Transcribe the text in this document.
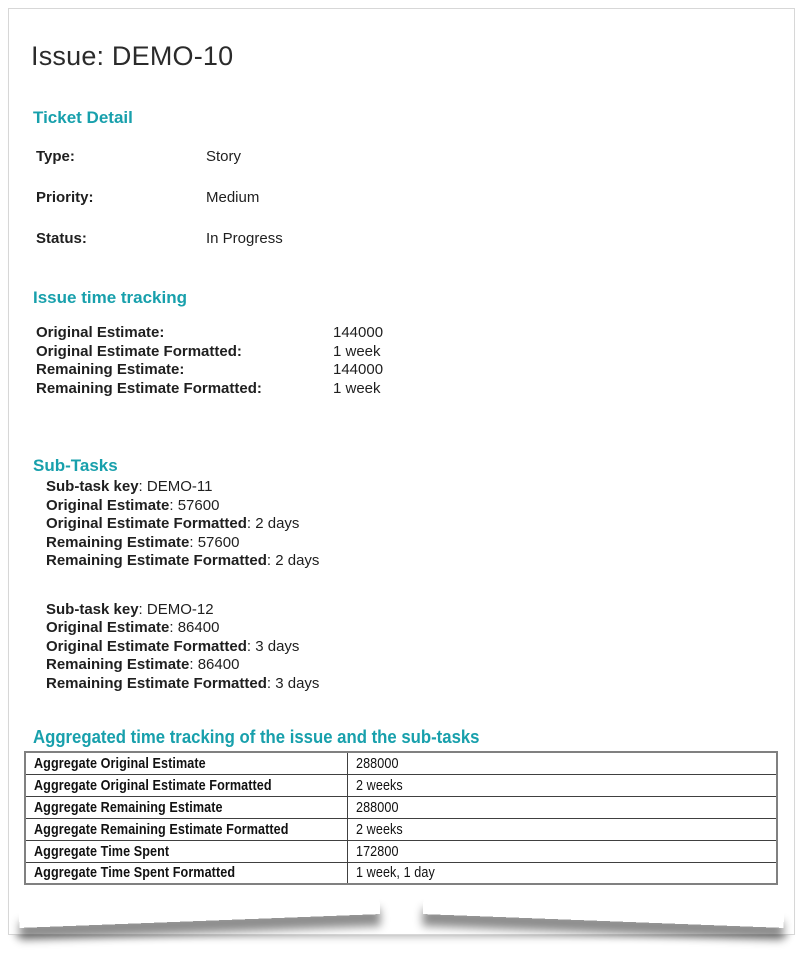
Issue: DEMO-10
Ticket Detail
Type:	Story
Priority:	Medium
Status:	In Progress
Issue time tracking
Original Estimate:	144000
Original Estimate Formatted:	1 week
Remaining Estimate:	144000
Remaining Estimate Formatted:	1 week
Sub-Tasks
Sub-task key: DEMO-11
Original Estimate: 57600
Original Estimate Formatted: 2 days
Remaining Estimate: 57600
Remaining Estimate Formatted: 2 days
Sub-task key: DEMO-12
Original Estimate: 86400
Original Estimate Formatted: 3 days
Remaining Estimate: 86400
Remaining Estimate Formatted: 3 days
Aggregated time tracking of the issue and the sub-tasks
Aggregate Original Estimate	288000
Aggregate Original Estimate Formatted	2 weeks
Aggregate Remaining Estimate	288000
Aggregate Remaining Estimate Formatted	2 weeks
Aggregate Time Spent	172800
Aggregate Time Spent Formatted	1 week, 1 day
